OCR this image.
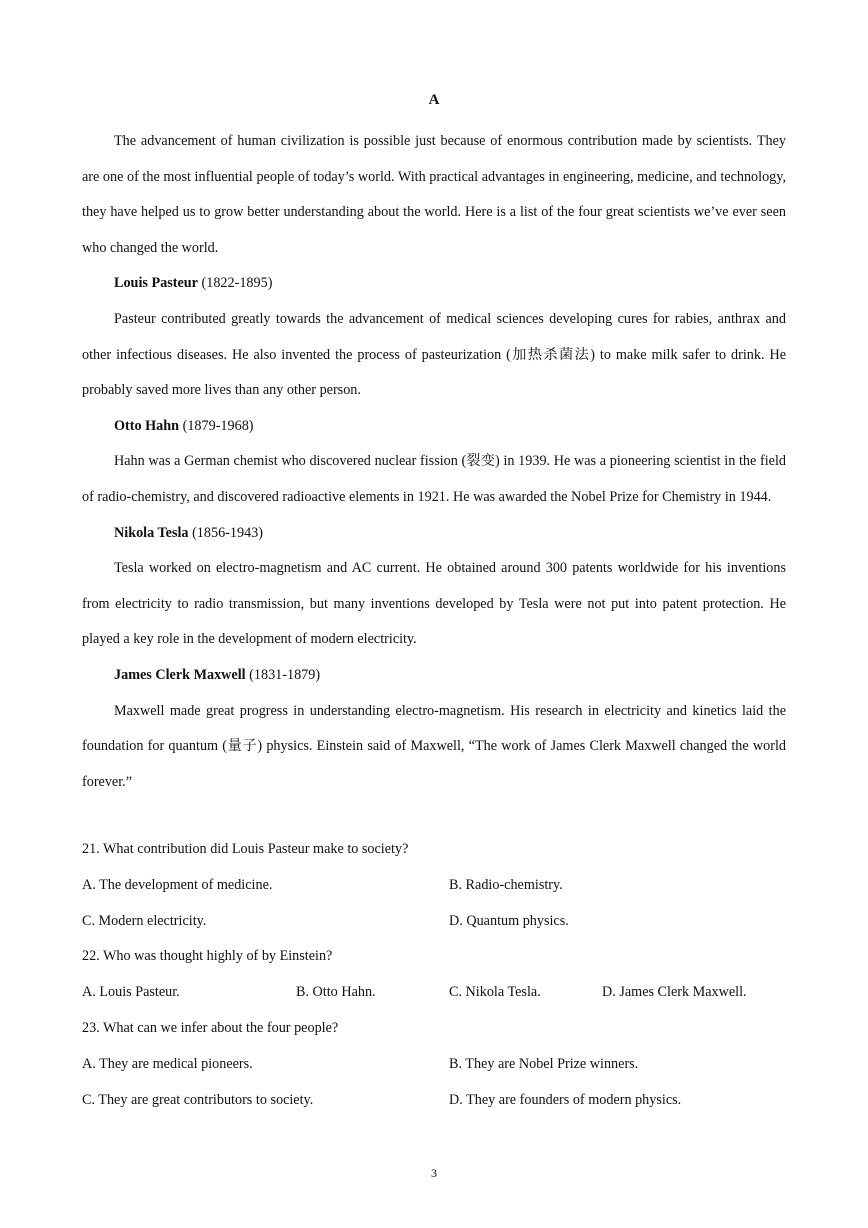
A

The advancement of human civilization is possible just because of enormous contribution made by scientists. They are one of the most influential people of today’s world. With practical advantages in engineering, medicine, and technology, they have helped us to grow better understanding about the world. Here is a list of the four great scientists we’ve ever seen who changed the world.

Louis Pasteur (1822-1895)

Pasteur contributed greatly towards the advancement of medical sciences developing cures for rabies, anthrax and other infectious diseases. He also invented the process of pasteurization (加热杀菌法) to make milk safer to drink. He probably saved more lives than any other person.

Otto Hahn (1879-1968)

Hahn was a German chemist who discovered nuclear fission (裂变) in 1939. He was a pioneering scientist in the field of radio-chemistry, and discovered radioactive elements in 1921. He was awarded the Nobel Prize for Chemistry in 1944.

Nikola Tesla (1856-1943)

Tesla worked on electro-magnetism and AC current. He obtained around 300 patents worldwide for his inventions from electricity to radio transmission, but many inventions developed by Tesla were not put into patent protection. He played a key role in the development of modern electricity.

James Clerk Maxwell (1831-1879)

Maxwell made great progress in understanding electro-magnetism. His research in electricity and kinetics laid the foundation for quantum (量子) physics. Einstein said of Maxwell, “The work of James Clerk Maxwell changed the world forever.”

21. What contribution did Louis Pasteur make to society?
A. The development of medicine.	B. Radio-chemistry.
C. Modern electricity.	D. Quantum physics.
22. Who was thought highly of by Einstein?
A. Louis Pasteur.	B. Otto Hahn.	C. Nikola Tesla.	D. James Clerk Maxwell.
23. What can we infer about the four people?
A. They are medical pioneers.	B. They are Nobel Prize winners.
C. They are great contributors to society.	D. They are founders of modern physics.
3
